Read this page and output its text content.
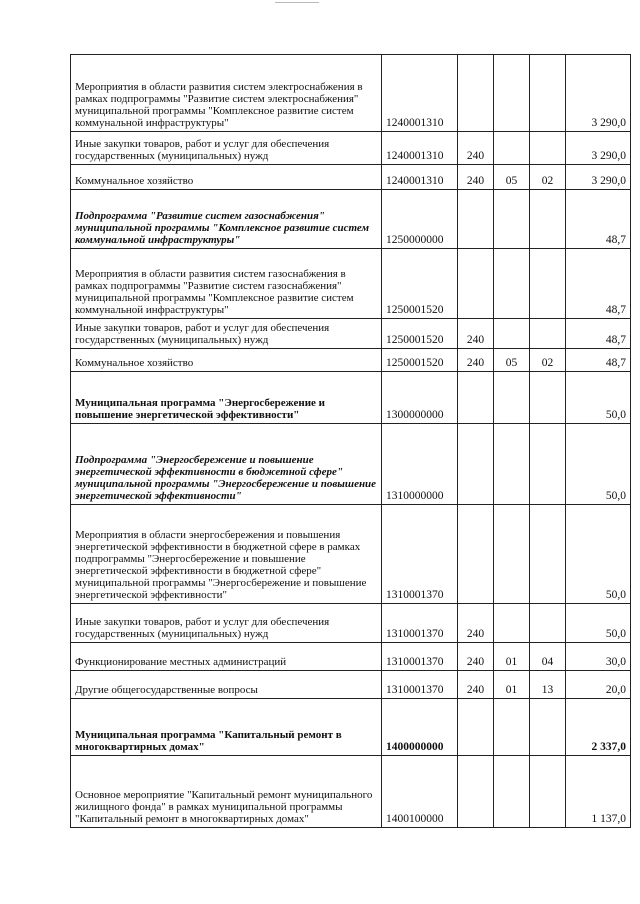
Мероприятия в области развития систем электроснабжения в рамках подпрограммы "Развитие систем электроснабжения" муниципальной программы "Комплексное развитие систем коммунальной инфраструктуры"	1240001310				3 290,0
Иные закупки товаров, работ и услуг для обеспечения государственных (муниципальных) нужд	1240001310	240			3 290,0
Коммунальное хозяйство	1240001310	240	05	02	3 290,0
Подпрограмма "Развитие систем газоснабжения" муниципальной программы "Комплексное развитие систем коммунальной инфраструктуры"	1250000000				48,7
Мероприятия в области развития систем газоснабжения в рамках подпрограммы "Развитие систем газоснабжения" муниципальной программы "Комплексное развитие систем коммунальной инфраструктуры"	1250001520				48,7
Иные закупки товаров, работ и услуг для обеспечения государственных (муниципальных) нужд	1250001520	240			48,7
Коммунальное хозяйство	1250001520	240	05	02	48,7
Муниципальная программа "Энергосбережение и повышение энергетической эффективности"	1300000000				50,0
Подпрограмма "Энергосбережение и повышение энергетической эффективности в бюджетной сфере" муниципальной программы "Энергосбережение и повышение энергетической эффективности"	1310000000				50,0
Мероприятия в области энергосбережения и повышения энергетической эффективности в бюджетной сфере в рамках подпрограммы "Энергосбережение и повышение энергетической эффективности в бюджетной сфере" муниципальной программы "Энергосбережение и повышение энергетической эффективности"	1310001370				50,0
Иные закупки товаров, работ и услуг для обеспечения государственных (муниципальных) нужд	1310001370	240			50,0
Функционирование местных администраций	1310001370	240	01	04	30,0
Другие общегосударственные вопросы	1310001370	240	01	13	20,0
Муниципальная программа "Капитальный ремонт в многоквартирных домах"	1400000000				2 337,0
Основное мероприятие "Капитальный ремонт муниципального жилищного фонда" в рамках муниципальной программы "Капитальный ремонт в многоквартирных домах"	1400100000				1 137,0
